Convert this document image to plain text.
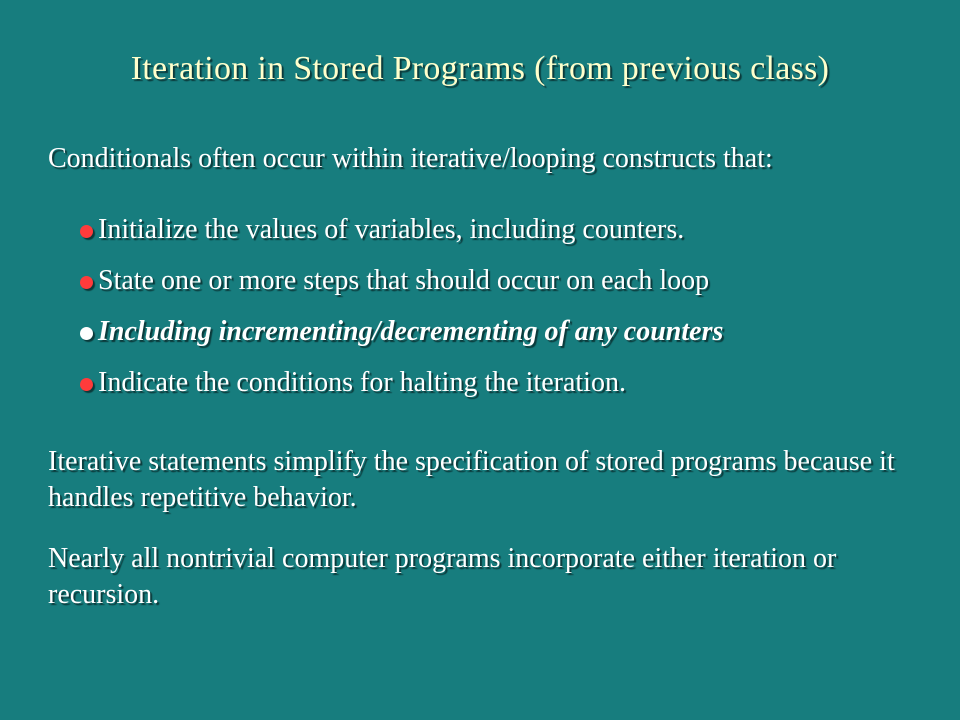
Iteration in Stored Programs (from previous class)
Conditionals often occur within iterative/looping constructs that:
Initialize the values of variables, including counters.
State one or more steps that should occur on each loop
Including incrementing/decrementing of any counters
Indicate the conditions for halting the iteration.
Iterative statements simplify the specification of stored programs because it handles repetitive behavior.
Nearly all nontrivial computer programs incorporate either iteration or recursion.
